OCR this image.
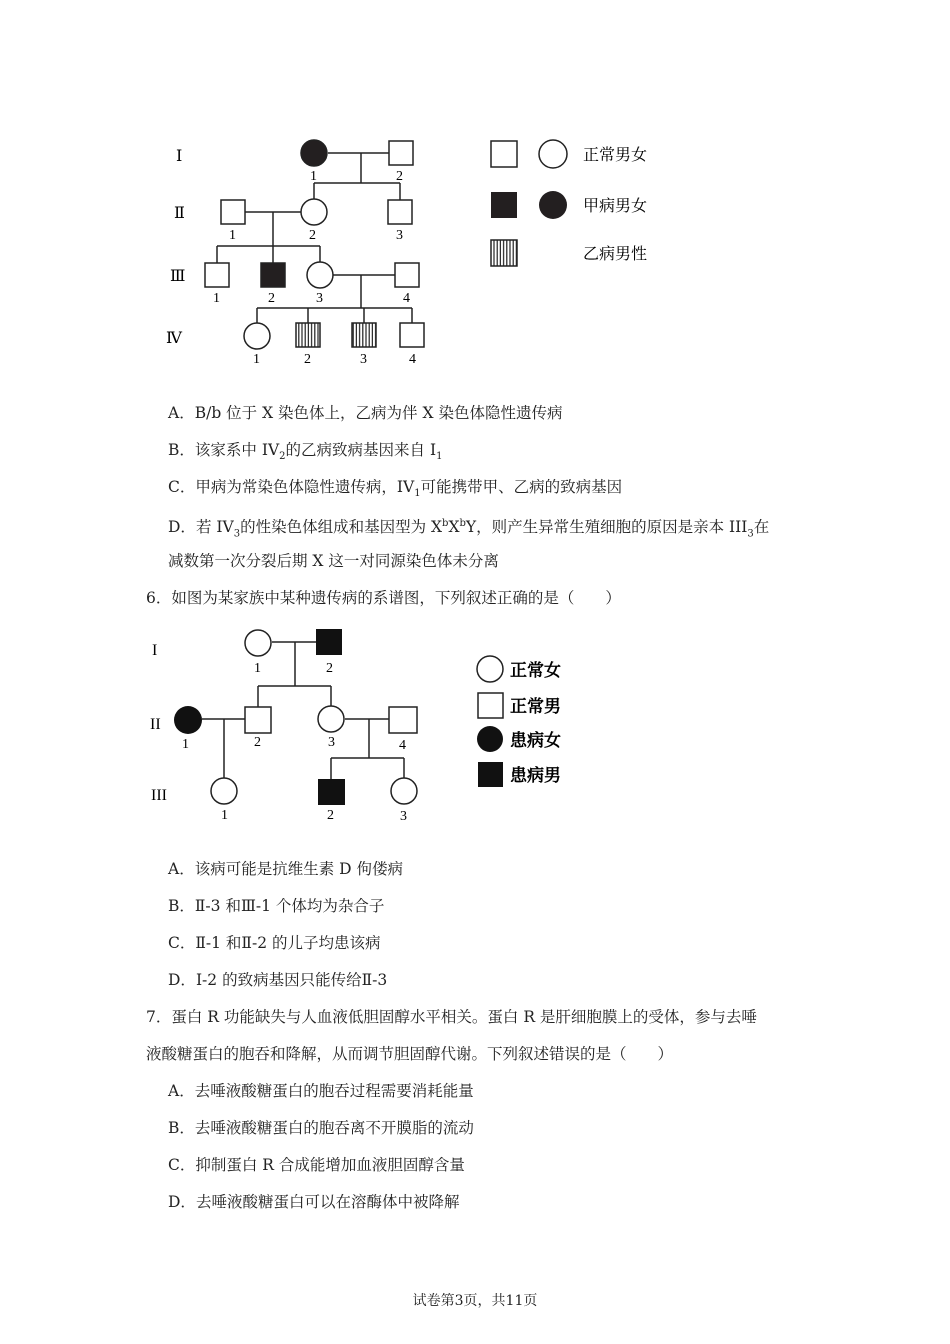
Ⅰ
Ⅱ
Ⅲ
Ⅳ
1	2
1	2	3
1	2	3	4
1	2	3	4
正常男女
甲病男女
乙病男性
A．B/b 位于 X 染色体上，乙病为伴 X 染色体隐性遗传病
B．该家系中 $IV_2$的乙病致病基因来自 $I_1$
C．甲病为常染色体隐性遗传病，$IV_1$可能携带甲、乙病的致病基因
D．若 $IV_3$的性染色体组成和基因型为 $X^bX^bY$，则产生异常生殖细胞的原因是亲本 $III_3$在
减数第一次分裂后期 X 这一对同源染色体未分离
6．如图为某家族中某种遗传病的系谱图，下列叙述正确的是（　　）
I
II
III
1	2
1	2	3	4
1	2	3
正常女
正常男
患病女
患病男
A．该病可能是抗维生素 D 佝偻病
B．Ⅱ-3 和Ⅲ-1 个体均为杂合子
C．Ⅱ-1 和Ⅱ-2 的儿子均患该病
D．Ⅰ-2 的致病基因只能传给Ⅱ-3
7．蛋白 R 功能缺失与人血液低胆固醇水平相关。蛋白 R 是肝细胞膜上的受体，参与去唾
液酸糖蛋白的胞吞和降解，从而调节胆固醇代谢。下列叙述错误的是（　　）
A．去唾液酸糖蛋白的胞吞过程需要消耗能量
B．去唾液酸糖蛋白的胞吞离不开膜脂的流动
C．抑制蛋白 R 合成能增加血液胆固醇含量
D．去唾液酸糖蛋白可以在溶酶体中被降解
试卷第3页，共11页
